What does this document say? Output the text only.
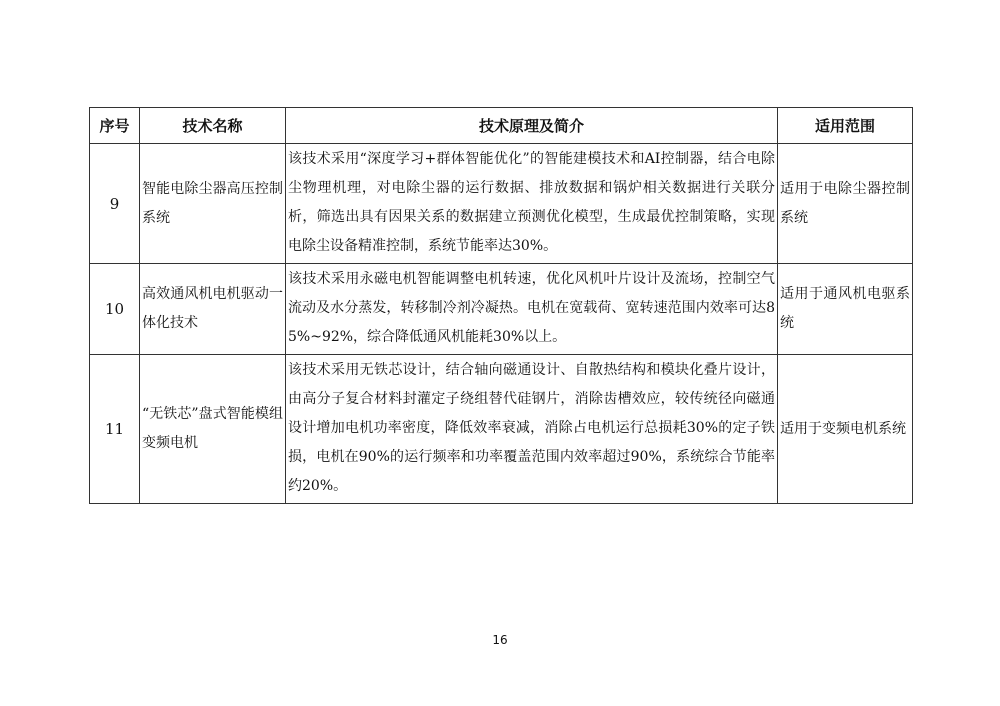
序号	技术名称	技术原理及简介	适用范围
9	智能电除尘器高压控制系统	该技术采用“深度学习+群体智能优化”的智能建模技术和AI控制器，结合电除尘物理机理，对电除尘器的运行数据、排放数据和锅炉相关数据进行关联分析，筛选出具有因果关系的数据建立预测优化模型，生成最优控制策略，实现电除尘设备精准控制，系统节能率达30%。	适用于电除尘器控制系统
10	高效通风机电机驱动一体化技术	该技术采用永磁电机智能调整电机转速，优化风机叶片设计及流场，控制空气流动及水分蒸发，转移制冷剂冷凝热。电机在宽载荷、宽转速范围内效率可达85%~92%，综合降低通风机能耗30%以上。	适用于通风机电驱系统
11	“无铁芯”盘式智能模组变频电机	该技术采用无铁芯设计，结合轴向磁通设计、自散热结构和模块化叠片设计，由高分子复合材料封灌定子绕组替代硅钢片，消除齿槽效应，较传统径向磁通设计增加电机功率密度，降低效率衰减，消除占电机运行总损耗30%的定子铁损，电机在90%的运行频率和功率覆盖范围内效率超过90%，系统综合节能率约20%。	适用于变频电机系统
16
